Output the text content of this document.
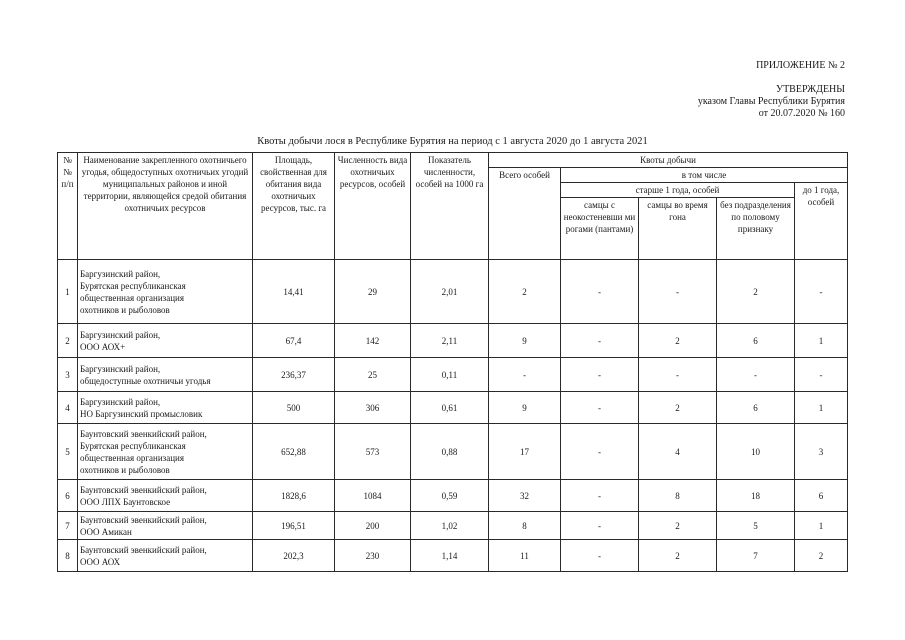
ПРИЛОЖЕНИЕ № 2
УТВЕРЖДЕНЫ
указом Главы Республики Бурятия
от 20.07.2020 № 160
Квоты добычи лося в Республике Бурятия на период с 1 августа 2020 до 1 августа 2021
№№ п/п	Наименование закрепленного охотничьего угодья, общедоступных охотничьих угодий муниципальных районов и иной территории, являющейся средой обитания охотничьих ресурсов	Площадь, свойственная для обитания вида охотничьих ресурсов, тыс. га	Численность вида охотничьих ресурсов, особей	Показатель численности, особей на 1000 га	Квоты добычи				
					Всего особей	в том числе			
						старше 1 года, особей			до 1 года, особей
						самцы с неокостеневши ми рогами (пантами)	самцы во время гона	без подразделения по половому признаку	
1	Баргузинский район,
Бурятская республиканская
общественная организация
охотников и рыболовов	14,41	29	2,01	2	-	-	2	-
2	Баргузинский район,
ООО АОХ+	67,4	142	2,11	9	-	2	6	1
3	Баргузинский район,
общедоступные охотничьи угодья	236,37	25	0,11	-	-	-	-	-
4	Баргузинский район,
НО Баргузинский промысловик	500	306	0,61	9	-	2	6	1
5	Баунтовский эвенкийский район,
Бурятская республиканская
общественная организация
охотников и рыболовов	652,88	573	0,88	17	-	4	10	3
6	Баунтовский эвенкийский район,
ООО ЛПХ Баунтовское	1828,6	1084	0,59	32	-	8	18	6
7	Баунтовский эвенкийский район,
ООО Амикан	196,51	200	1,02	8	-	2	5	1
8	Баунтовский эвенкийский район,
ООО АОХ	202,3	230	1,14	11	-	2	7	2
